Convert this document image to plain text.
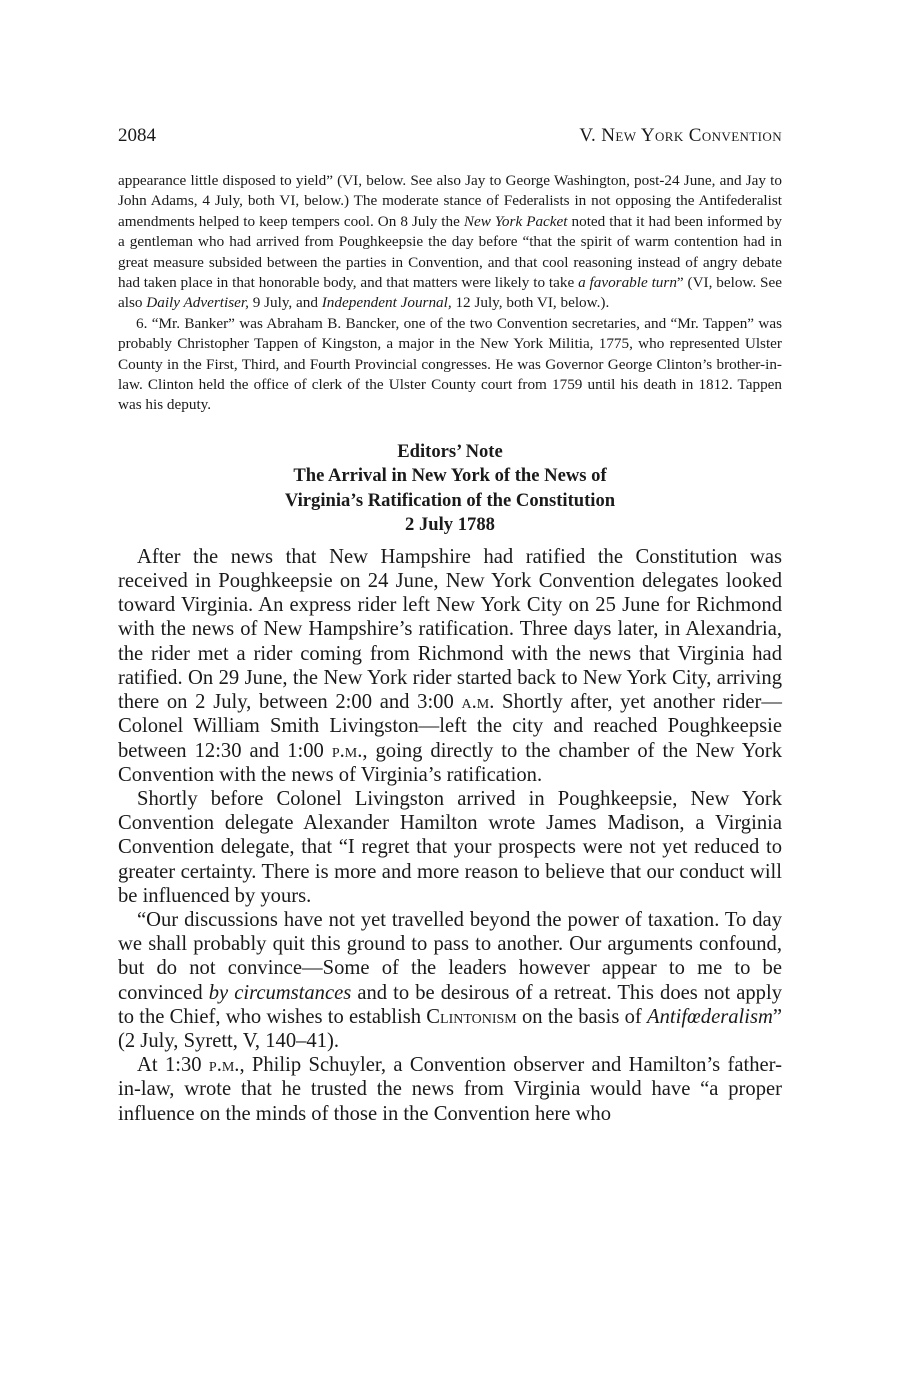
2084	V. New York Convention

appearance little disposed to yield” (VI, below. See also Jay to George Washington, post-24 June, and Jay to John Adams, 4 July, both VI, below.) The moderate stance of Federalists in not opposing the Antifederalist amendments helped to keep tempers cool. On 8 July the New York Packet noted that it had been informed by a gentleman who had arrived from Poughkeepsie the day before “that the spirit of warm contention had in great measure subsided between the parties in Convention, and that cool reasoning instead of angry debate had taken place in that honorable body, and that matters were likely to take a favorable turn” (VI, below. See also Daily Advertiser, 9 July, and Independent Journal, 12 July, both VI, below.).

6. “Mr. Banker” was Abraham B. Bancker, one of the two Convention secretaries, and “Mr. Tappen” was probably Christopher Tappen of Kingston, a major in the New York Militia, 1775, who represented Ulster County in the First, Third, and Fourth Provincial congresses. He was Governor George Clinton’s brother-in-law. Clinton held the office of clerk of the Ulster County court from 1759 until his death in 1812. Tappen was his deputy.

Editors’ Note
The Arrival in New York of the News of
Virginia’s Ratification of the Constitution
2 July 1788

After the news that New Hampshire had ratified the Constitution was received in Poughkeepsie on 24 June, New York Convention delegates looked toward Virginia. An express rider left New York City on 25 June for Richmond with the news of New Hampshire’s ratification. Three days later, in Alexandria, the rider met a rider coming from Richmond with the news that Virginia had ratified. On 29 June, the New York rider started back to New York City, arriving there on 2 July, between 2:00 and 3:00 a.m. Shortly after, yet another rider—Colonel William Smith Livingston—left the city and reached Poughkeepsie between 12:30 and 1:00 p.m., going directly to the chamber of the New York Convention with the news of Virginia’s ratification.

Shortly before Colonel Livingston arrived in Poughkeepsie, New York Convention delegate Alexander Hamilton wrote James Madison, a Virginia Convention delegate, that “I regret that your prospects were not yet reduced to greater certainty. There is more and more reason to believe that our conduct will be influenced by yours.

“Our discussions have not yet travelled beyond the power of taxation. To day we shall probably quit this ground to pass to another. Our arguments confound, but do not convince—Some of the leaders however appear to me to be convinced by circumstances and to be desirous of a retreat. This does not apply to the Chief, who wishes to establish Clintonism on the basis of Antifœderalism” (2 July, Syrett, V, 140–41).

At 1:30 p.m., Philip Schuyler, a Convention observer and Hamilton’s father-in-law, wrote that he trusted the news from Virginia would have “a proper influence on the minds of those in the Convention here who
